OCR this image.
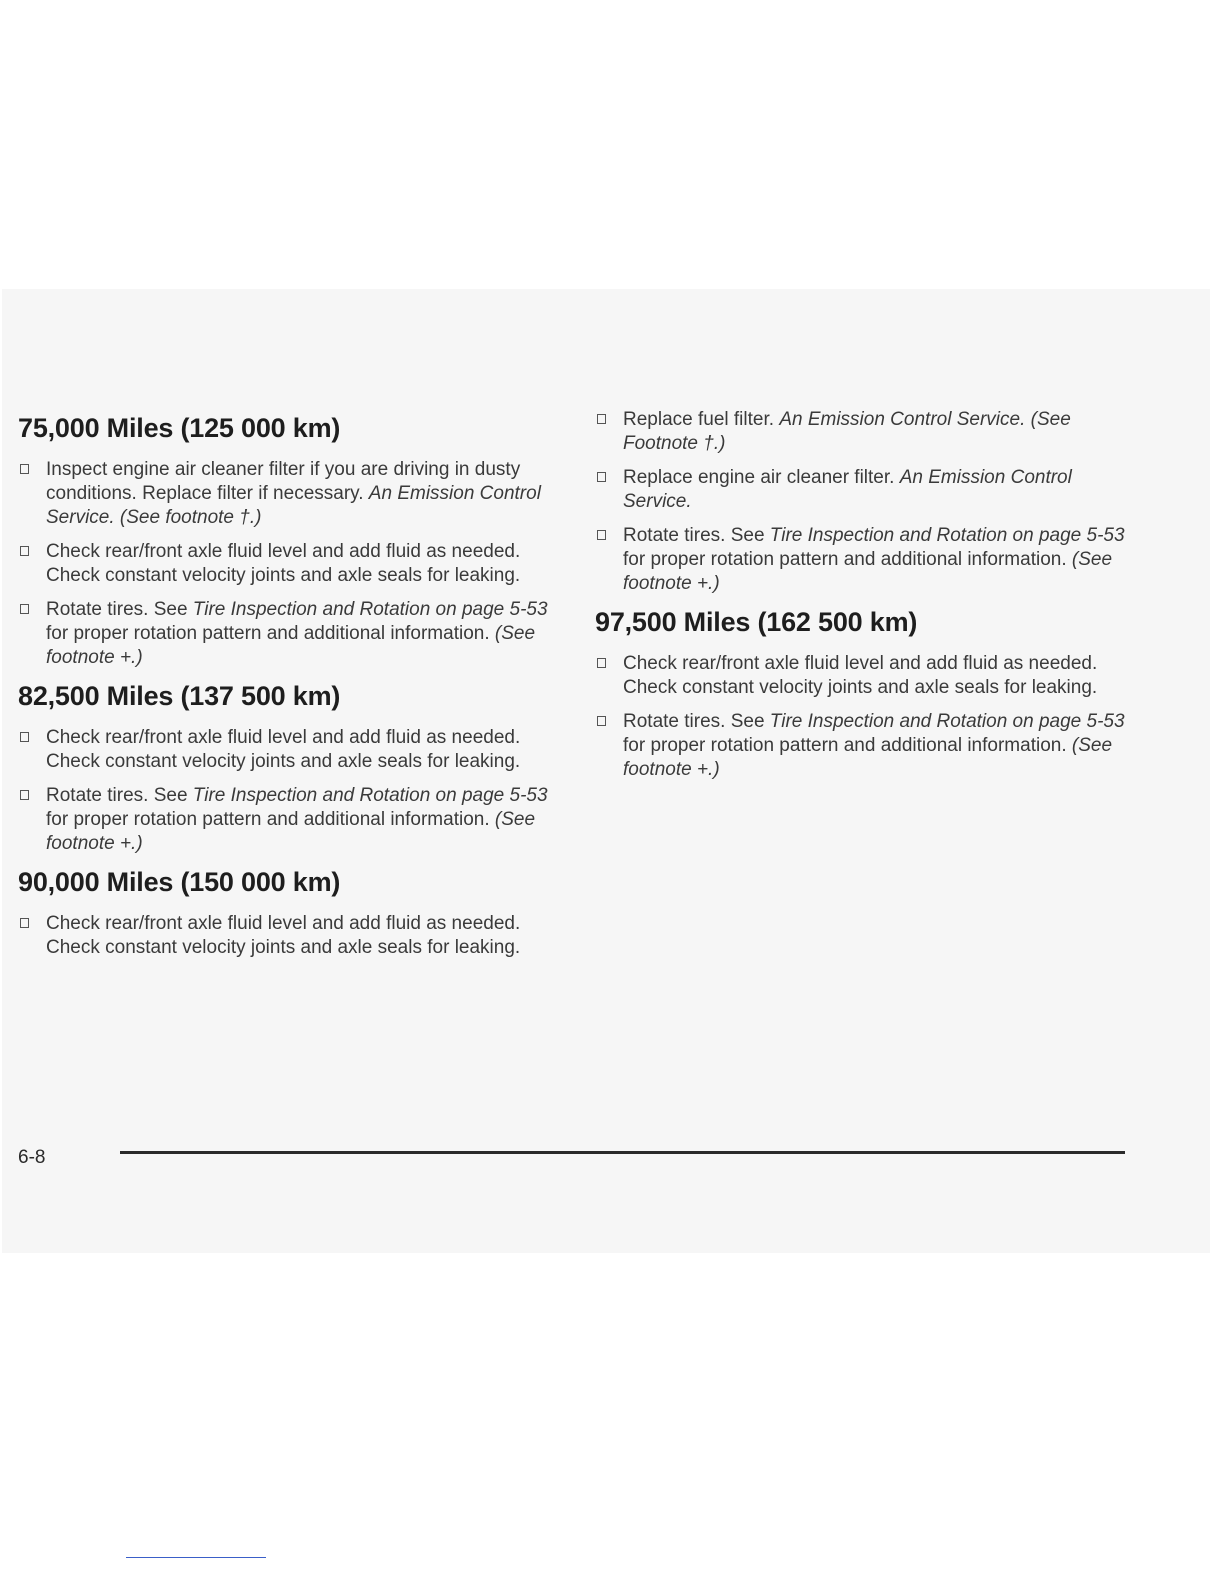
75,000 Miles (125 000 km)
Inspect engine air cleaner filter if you are driving in dusty conditions. Replace filter if necessary. An Emission Control Service. (See footnote †.)
Check rear/front axle fluid level and add fluid as needed. Check constant velocity joints and axle seals for leaking.
Rotate tires. See Tire Inspection and Rotation on page 5-53 for proper rotation pattern and additional information. (See footnote +.)
82,500 Miles (137 500 km)
Check rear/front axle fluid level and add fluid as needed. Check constant velocity joints and axle seals for leaking.
Rotate tires. See Tire Inspection and Rotation on page 5-53 for proper rotation pattern and additional information. (See footnote +.)
90,000 Miles (150 000 km)
Check rear/front axle fluid level and add fluid as needed. Check constant velocity joints and axle seals for leaking.
Replace fuel filter. An Emission Control Service. (See Footnote †.)
Replace engine air cleaner filter. An Emission Control Service.
Rotate tires. See Tire Inspection and Rotation on page 5-53 for proper rotation pattern and additional information. (See footnote +.)
97,500 Miles (162 500 km)
Check rear/front axle fluid level and add fluid as needed. Check constant velocity joints and axle seals for leaking.
Rotate tires. See Tire Inspection and Rotation on page 5-53 for proper rotation pattern and additional information. (See footnote +.)
6-8
